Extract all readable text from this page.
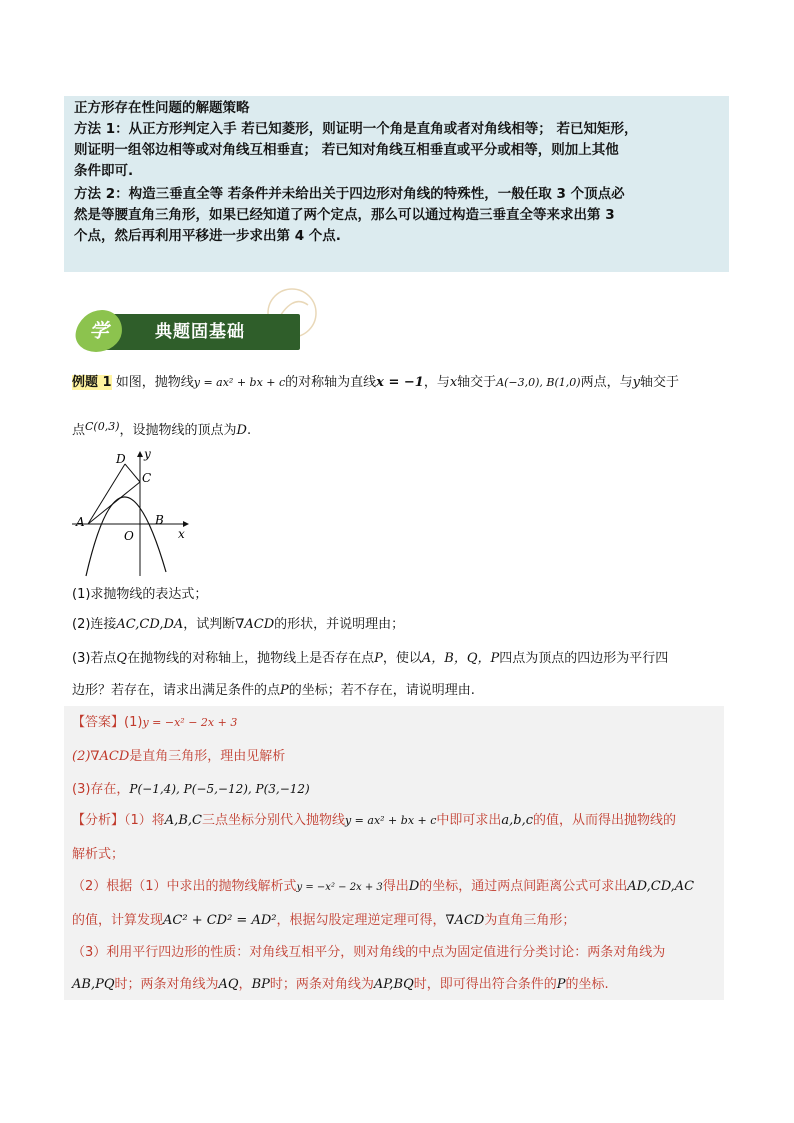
正方形存在性问题的解题策略
方法 1：从正方形判定入手 若已知菱形，则证明一个角是直角或者对角线相等； 若已知矩形，
则证明一组邻边相等或对角线互相垂直； 若已知对角线互相垂直或平分或相等，则加上其他
条件即可.
方法 2：构造三垂直全等 若条件并未给出关于四边形对角线的特殊性，一般任取 3 个顶点必
然是等腰直角三角形，如果已经知道了两个定点，那么可以通过构造三垂直全等来求出第 3
个点，然后再利用平移进一步求出第 4 个点.
典题固基础
学
例题 1 如图，抛物线y = ax² + bx + c的对称轴为直线x = −1，与x轴交于A(−3,0), B(1,0)两点，与y轴交于
点$^{C(0,3)}$，设抛物线的顶点为D.
D y
C
A	B
O	x
(1)求抛物线的表达式；
(2)连接AC,CD,DA，试判断∇ACD的形状，并说明理由；
(3)若点Q在抛物线的对称轴上，抛物线上是否存在点P，使以A，B，Q，P四点为顶点的四边形为平行四
边形？若存在，请求出满足条件的点P的坐标；若不存在，请说明理由.
【答案】(1)y = −x² − 2x + 3
(2)∇ACD是直角三角形，理由见解析
(3)存在，P(−1,4), P(−5,−12), P(3,−12)
【分析】（1）将A,B,C三点坐标分别代入抛物线y = ax² + bx + c中即可求出a,b,c的值，从而得出抛物线的
解析式；
（2）根据（1）中求出的抛物线解析式y = −x² − 2x + 3得出D的坐标，通过两点间距离公式可求出AD,CD,AC
的值，计算发现AC² + CD² = AD²，根据勾股定理逆定理可得，∇ACD为直角三角形；
（3）利用平行四边形的性质：对角线互相平分，则对角线的中点为固定值进行分类讨论：两条对角线为
AB,PQ时；两条对角线为AQ，BP时；两条对角线为AP,BQ时，即可得出符合条件的P的坐标.
